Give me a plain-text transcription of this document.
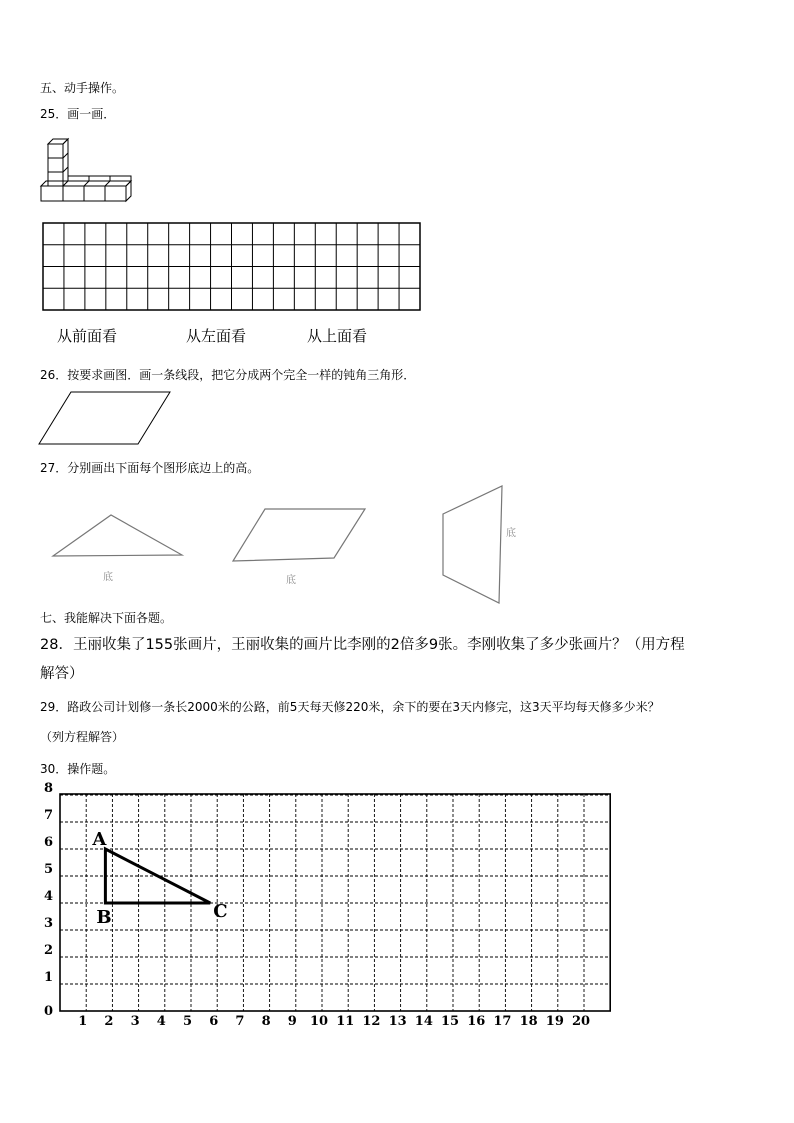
五、动手操作。
25．画一画．
底	底
底
0
1
2
3
4
5
6
7
8
1 2 3 4 5 6 7 8 9 10 11 12 13 14 15 16 17 18 19 20
A
B	C
从前面看	从左面看	从上面看
26．按要求画图．画一条线段，把它分成两个完全一样的钝角三角形．
27．分别画出下面每个图形底边上的高。
七、我能解决下面各题。
28．王丽收集了155张画片，王丽收集的画片比李刚的2倍多9张。李刚收集了多少张画片？（用方程
解答）
29．路政公司计划修一条长2000米的公路，前5天每天修220米，余下的要在3天内修完，这3天平均每天修多少米？
（列方程解答）
30．操作题。
